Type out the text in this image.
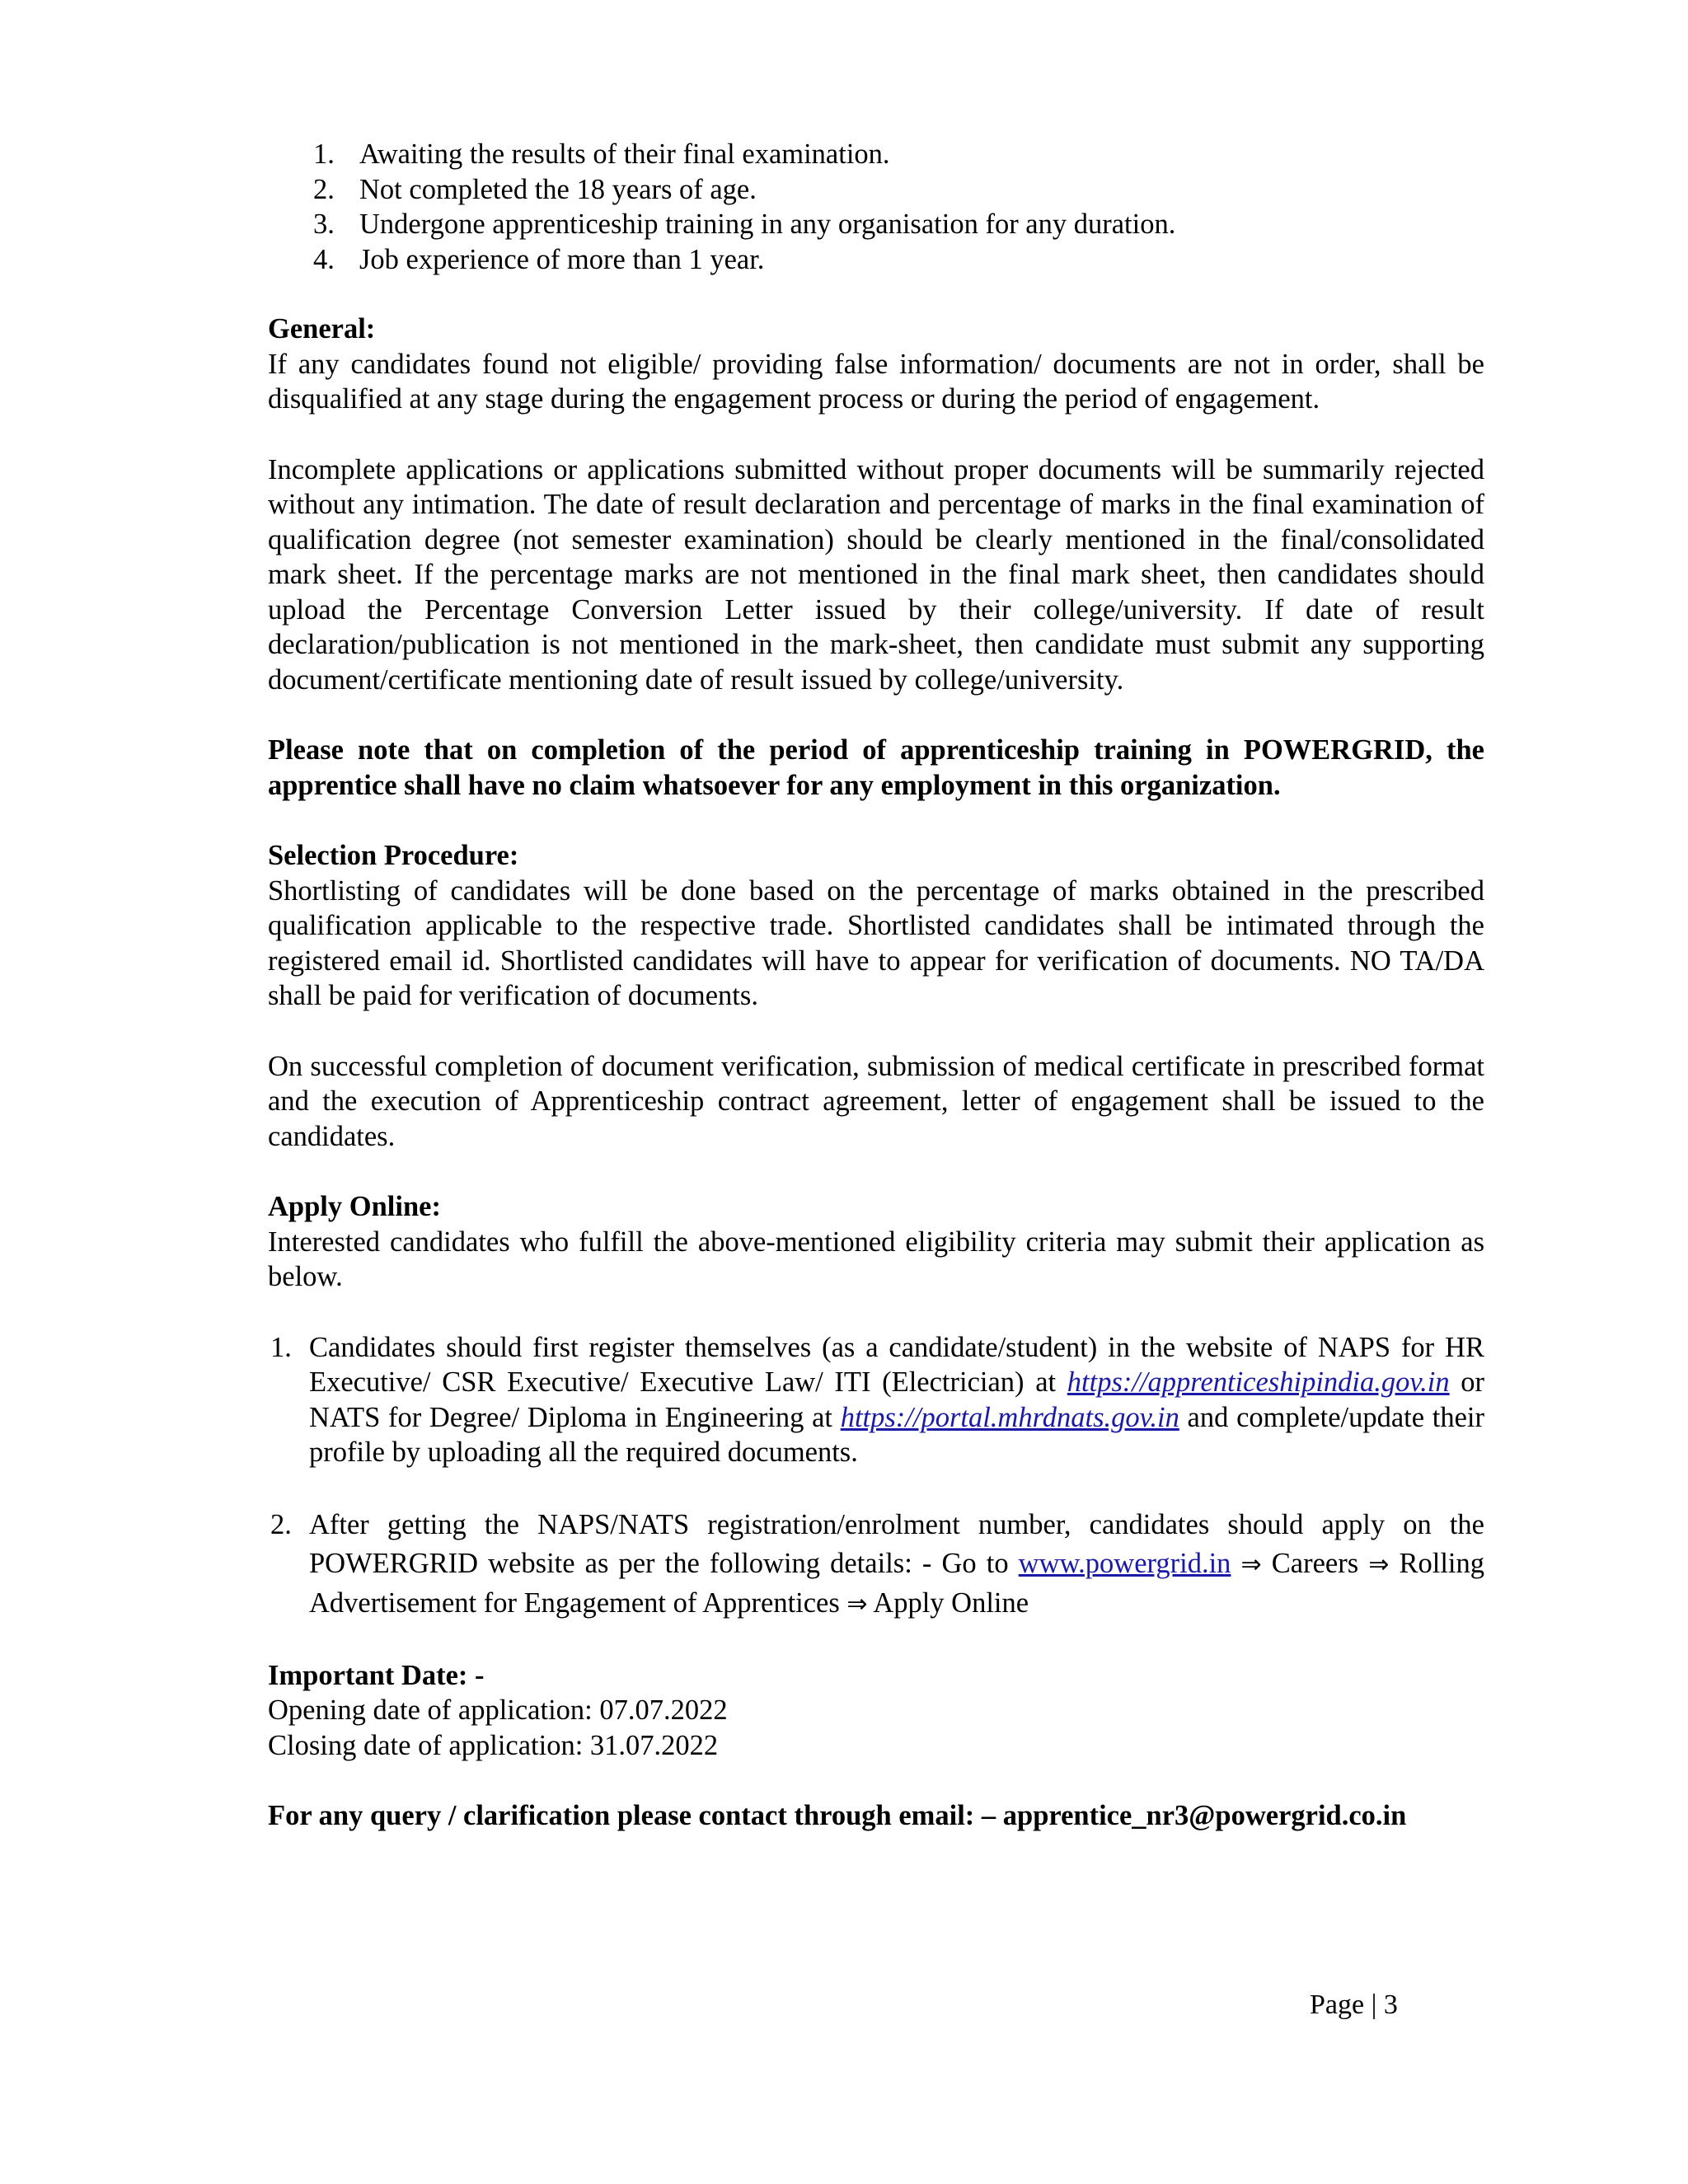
1. Awaiting the results of their final examination.
2. Not completed the 18 years of age.
3. Undergone apprenticeship training in any organisation for any duration.
4. Job experience of more than 1 year.

General:

If any candidates found not eligible/ providing false information/ documents are not in order, shall be disqualified at any stage during the engagement process or during the period of engagement.

Incomplete applications or applications submitted without proper documents will be summarily rejected without any intimation. The date of result declaration and percentage of marks in the final examination of qualification degree (not semester examination) should be clearly mentioned in the final/consolidated mark sheet. If the percentage marks are not mentioned in the final mark sheet, then candidates should upload the Percentage Conversion Letter issued by their college/university. If date of result declaration/publication is not mentioned in the mark-sheet, then candidate must submit any supporting document/certificate mentioning date of result issued by college/university.

Please note that on completion of the period of apprenticeship training in POWERGRID, the apprentice shall have no claim whatsoever for any employment in this organization.

Selection Procedure:

Shortlisting of candidates will be done based on the percentage of marks obtained in the prescribed qualification applicable to the respective trade. Shortlisted candidates shall be intimated through the registered email id. Shortlisted candidates will have to appear for verification of documents. NO TA/DA shall be paid for verification of documents.

On successful completion of document verification, submission of medical certificate in prescribed format and the execution of Apprenticeship contract agreement, letter of engagement shall be issued to the candidates.

Apply Online:

Interested candidates who fulfill the above-mentioned eligibility criteria may submit their application as below.

1. Candidates should first register themselves (as a candidate/student) in the website of NAPS for HR Executive/ CSR Executive/ Executive Law/ ITI (Electrician) at https://apprenticeshipindia.gov.in or NATS for Degree/ Diploma in Engineering at https://portal.mhrdnats.gov.in and complete/update their profile by uploading all the required documents.
2. After getting the NAPS/NATS registration/enrolment number, candidates should apply on the POWERGRID website as per the following details: - Go to www.powergrid.in ⇒ Careers ⇒ Rolling Advertisement for Engagement of Apprentices ⇒ Apply Online

Important Date: -

Opening date of application: 07.07.2022

Closing date of application: 31.07.2022

For any query / clarification please contact through email: – apprentice_nr3@powergrid.co.in

Page | 3
